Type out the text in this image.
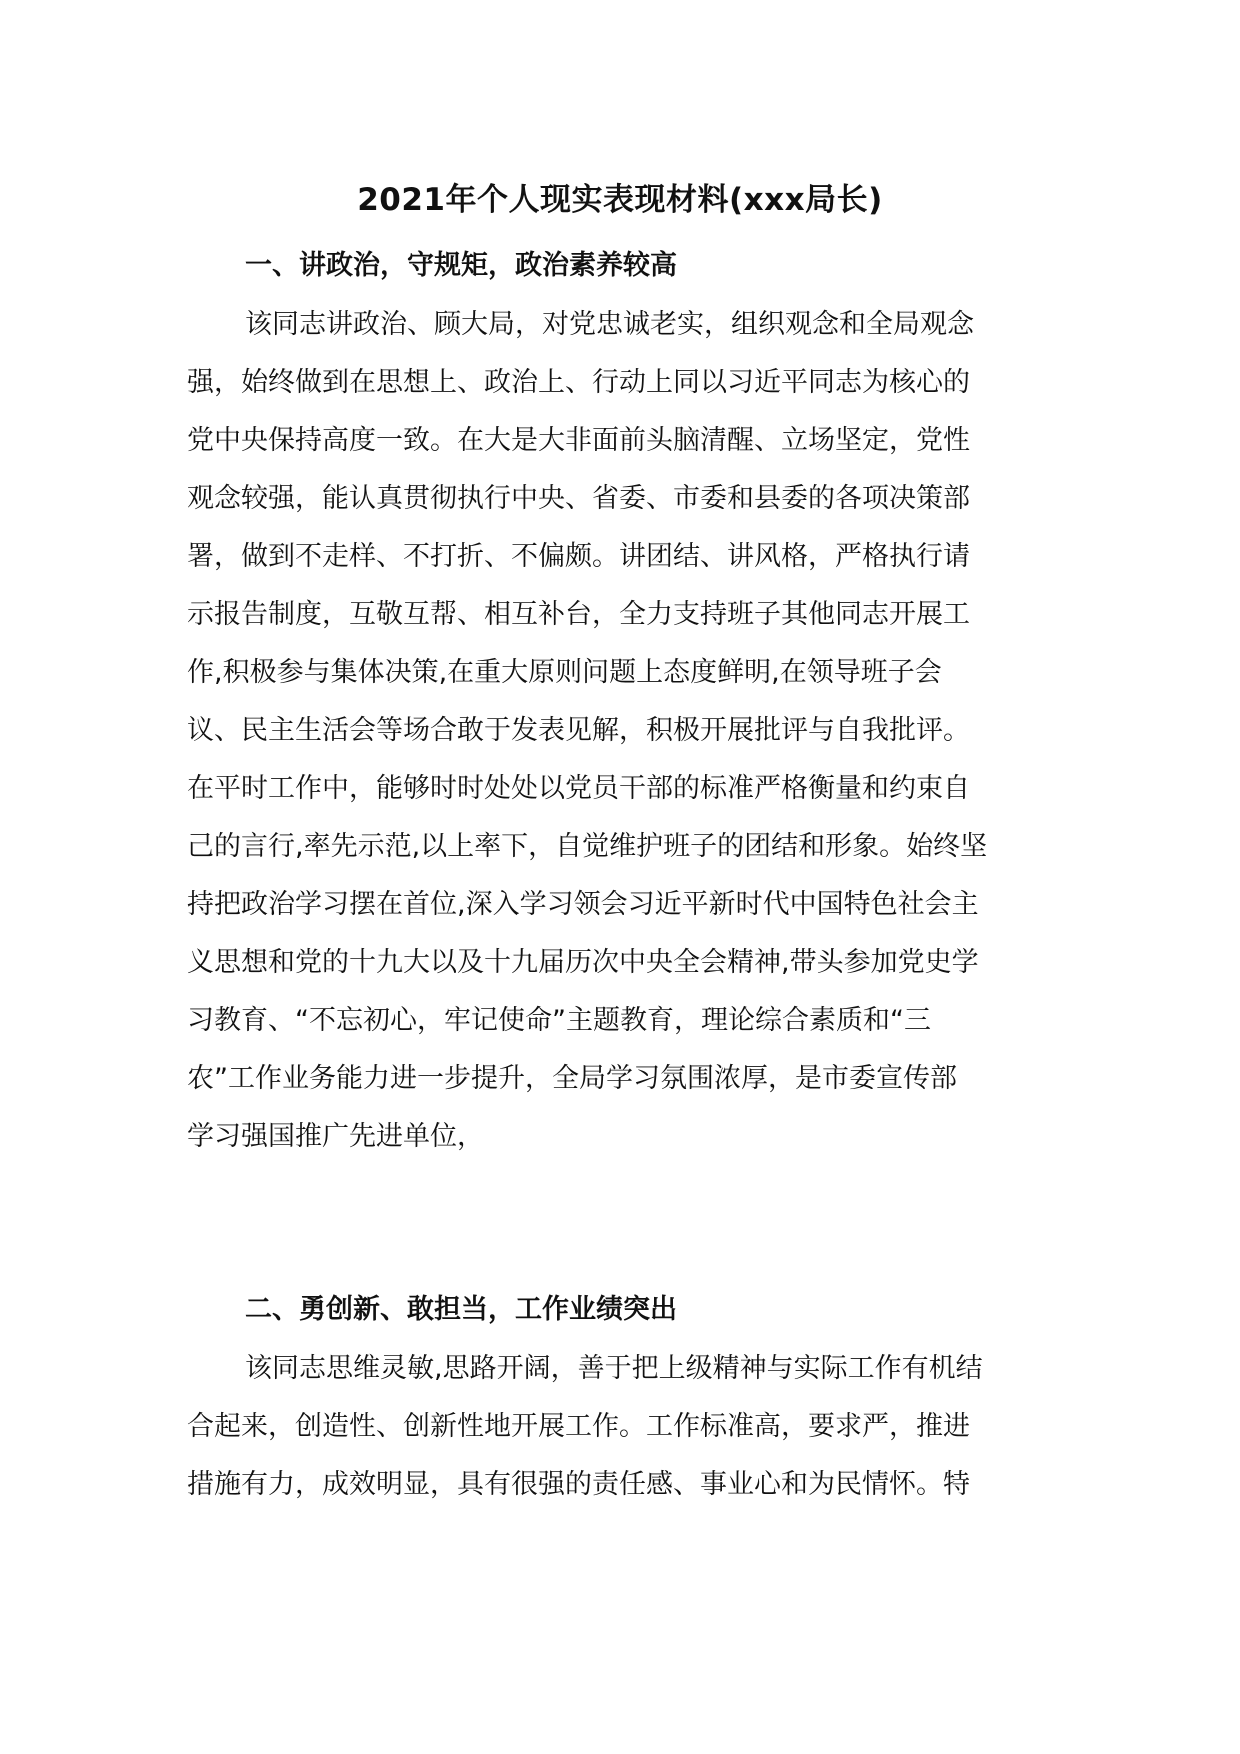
2021年个人现实表现材料(xxx局长)
一、讲政治，守规矩，政治素养较高
该同志讲政治、顾大局，对党忠诚老实，组织观念和全局观念
强，始终做到在思想上、政治上、行动上同以习近平同志为核心的
党中央保持高度一致。在大是大非面前头脑清醒、立场坚定，党性
观念较强，能认真贯彻执行中央、省委、市委和县委的各项决策部
署，做到不走样、不打折、不偏颇。讲团结、讲风格，严格执行请
示报告制度，互敬互帮、相互补台，全力支持班子其他同志开展工
作,积极参与集体决策,在重大原则问题上态度鲜明,在领导班子会
议、民主生活会等场合敢于发表见解，积极开展批评与自我批评。
在平时工作中，能够时时处处以党员干部的标准严格衡量和约束自
己的言行,率先示范,以上率下，自觉维护班子的团结和形象。始终坚
持把政治学习摆在首位,深入学习领会习近平新时代中国特色社会主
义思想和党的十九大以及十九届历次中央全会精神,带头参加党史学
习教育、“不忘初心，牢记使命”主题教育，理论综合素质和“三
农”工作业务能力进一步提升，全局学习氛围浓厚，是市委宣传部
学习强国推广先进单位，
二、勇创新、敢担当，工作业绩突出
该同志思维灵敏,思路开阔，善于把上级精神与实际工作有机结
合起来，创造性、创新性地开展工作。工作标准高，要求严，推进
措施有力，成效明显，具有很强的责任感、事业心和为民情怀。特
